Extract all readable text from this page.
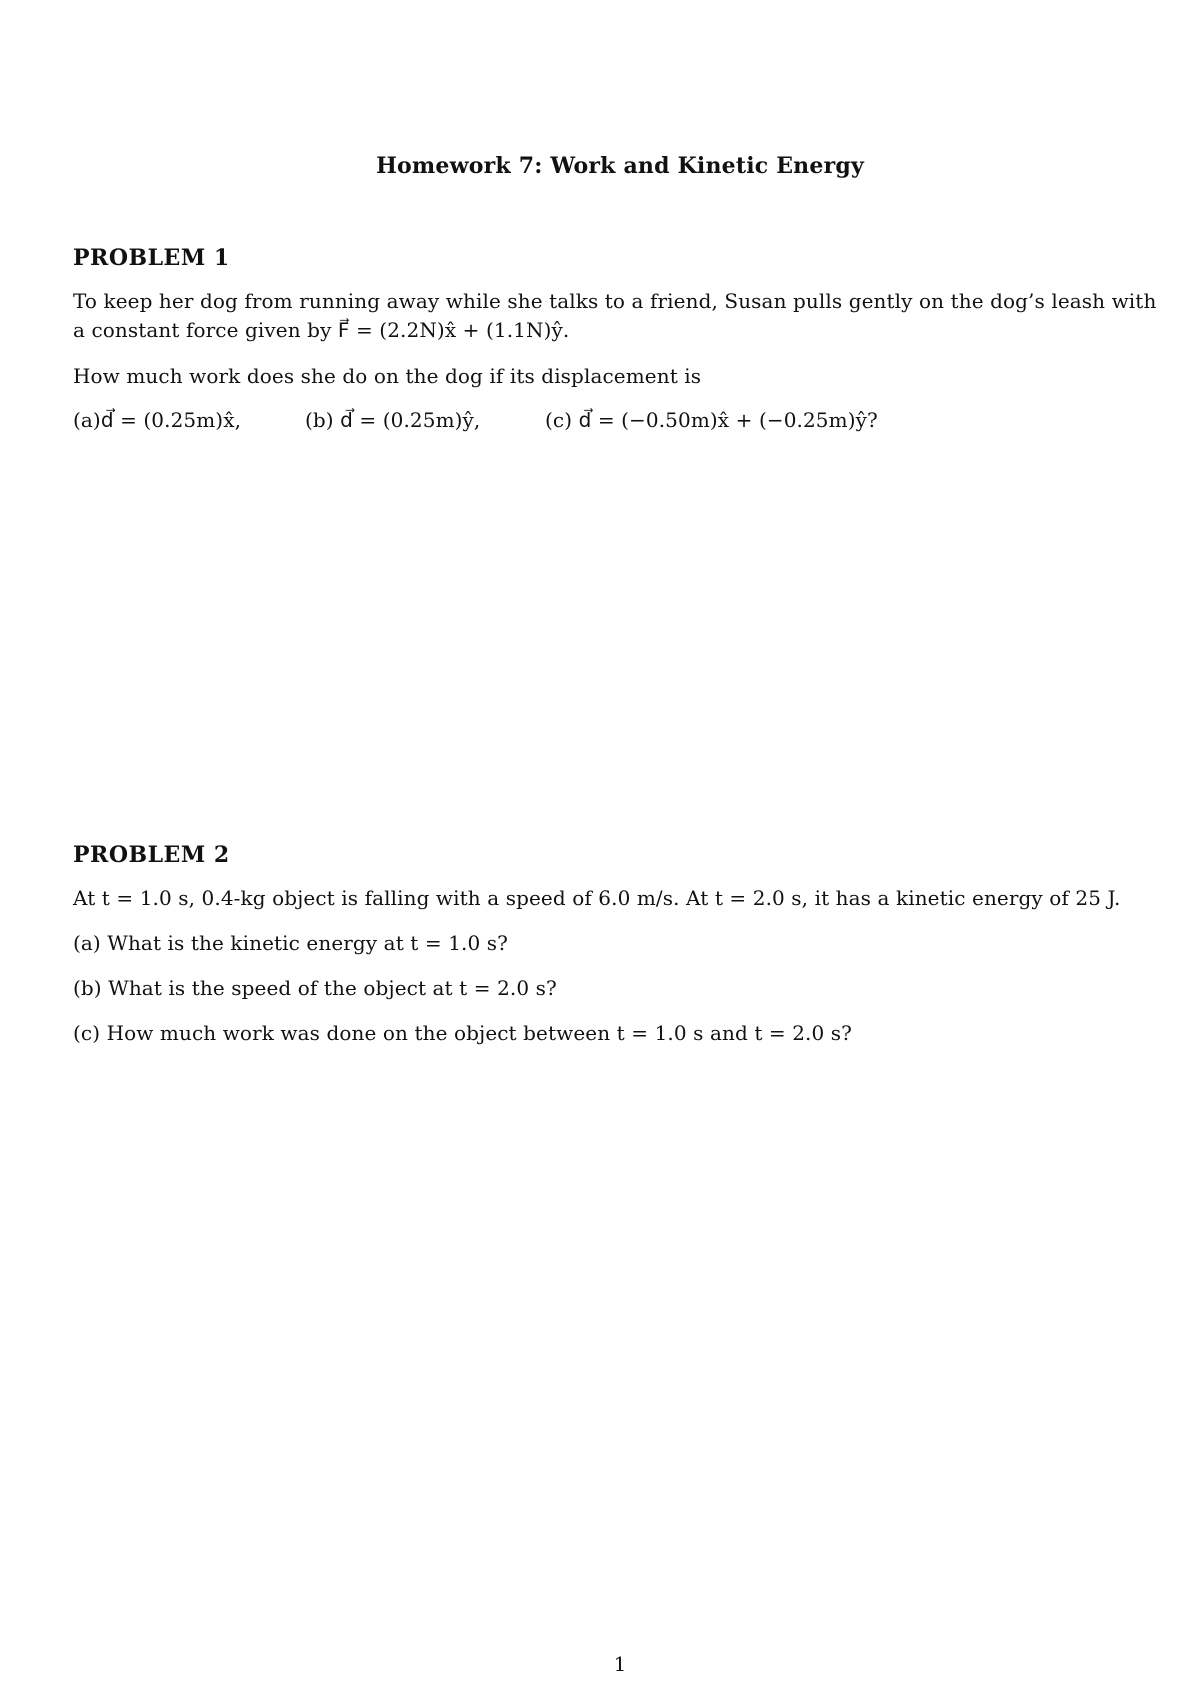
Homework 7: Work and Kinetic Energy
PROBLEM 1
To keep her dog from running away while she talks to a friend, Susan pulls gently on the dog’s leash with
a constant force given by F⃗ = (2.2N)x̂ + (1.1N)ŷ.
How much work does she do on the dog if its displacement is
(a)d⃗ = (0.25m)x̂,	(b) d⃗ = (0.25m)ŷ,	(c) d⃗ = (−0.50m)x̂ + (−0.25m)ŷ?
PROBLEM 2
At t = 1.0 s, 0.4-kg object is falling with a speed of 6.0 m/s. At t = 2.0 s, it has a kinetic energy of 25 J.
(a) What is the kinetic energy at t = 1.0 s?
(b) What is the speed of the object at t = 2.0 s?
(c) How much work was done on the object between t = 1.0 s and t = 2.0 s?
1
